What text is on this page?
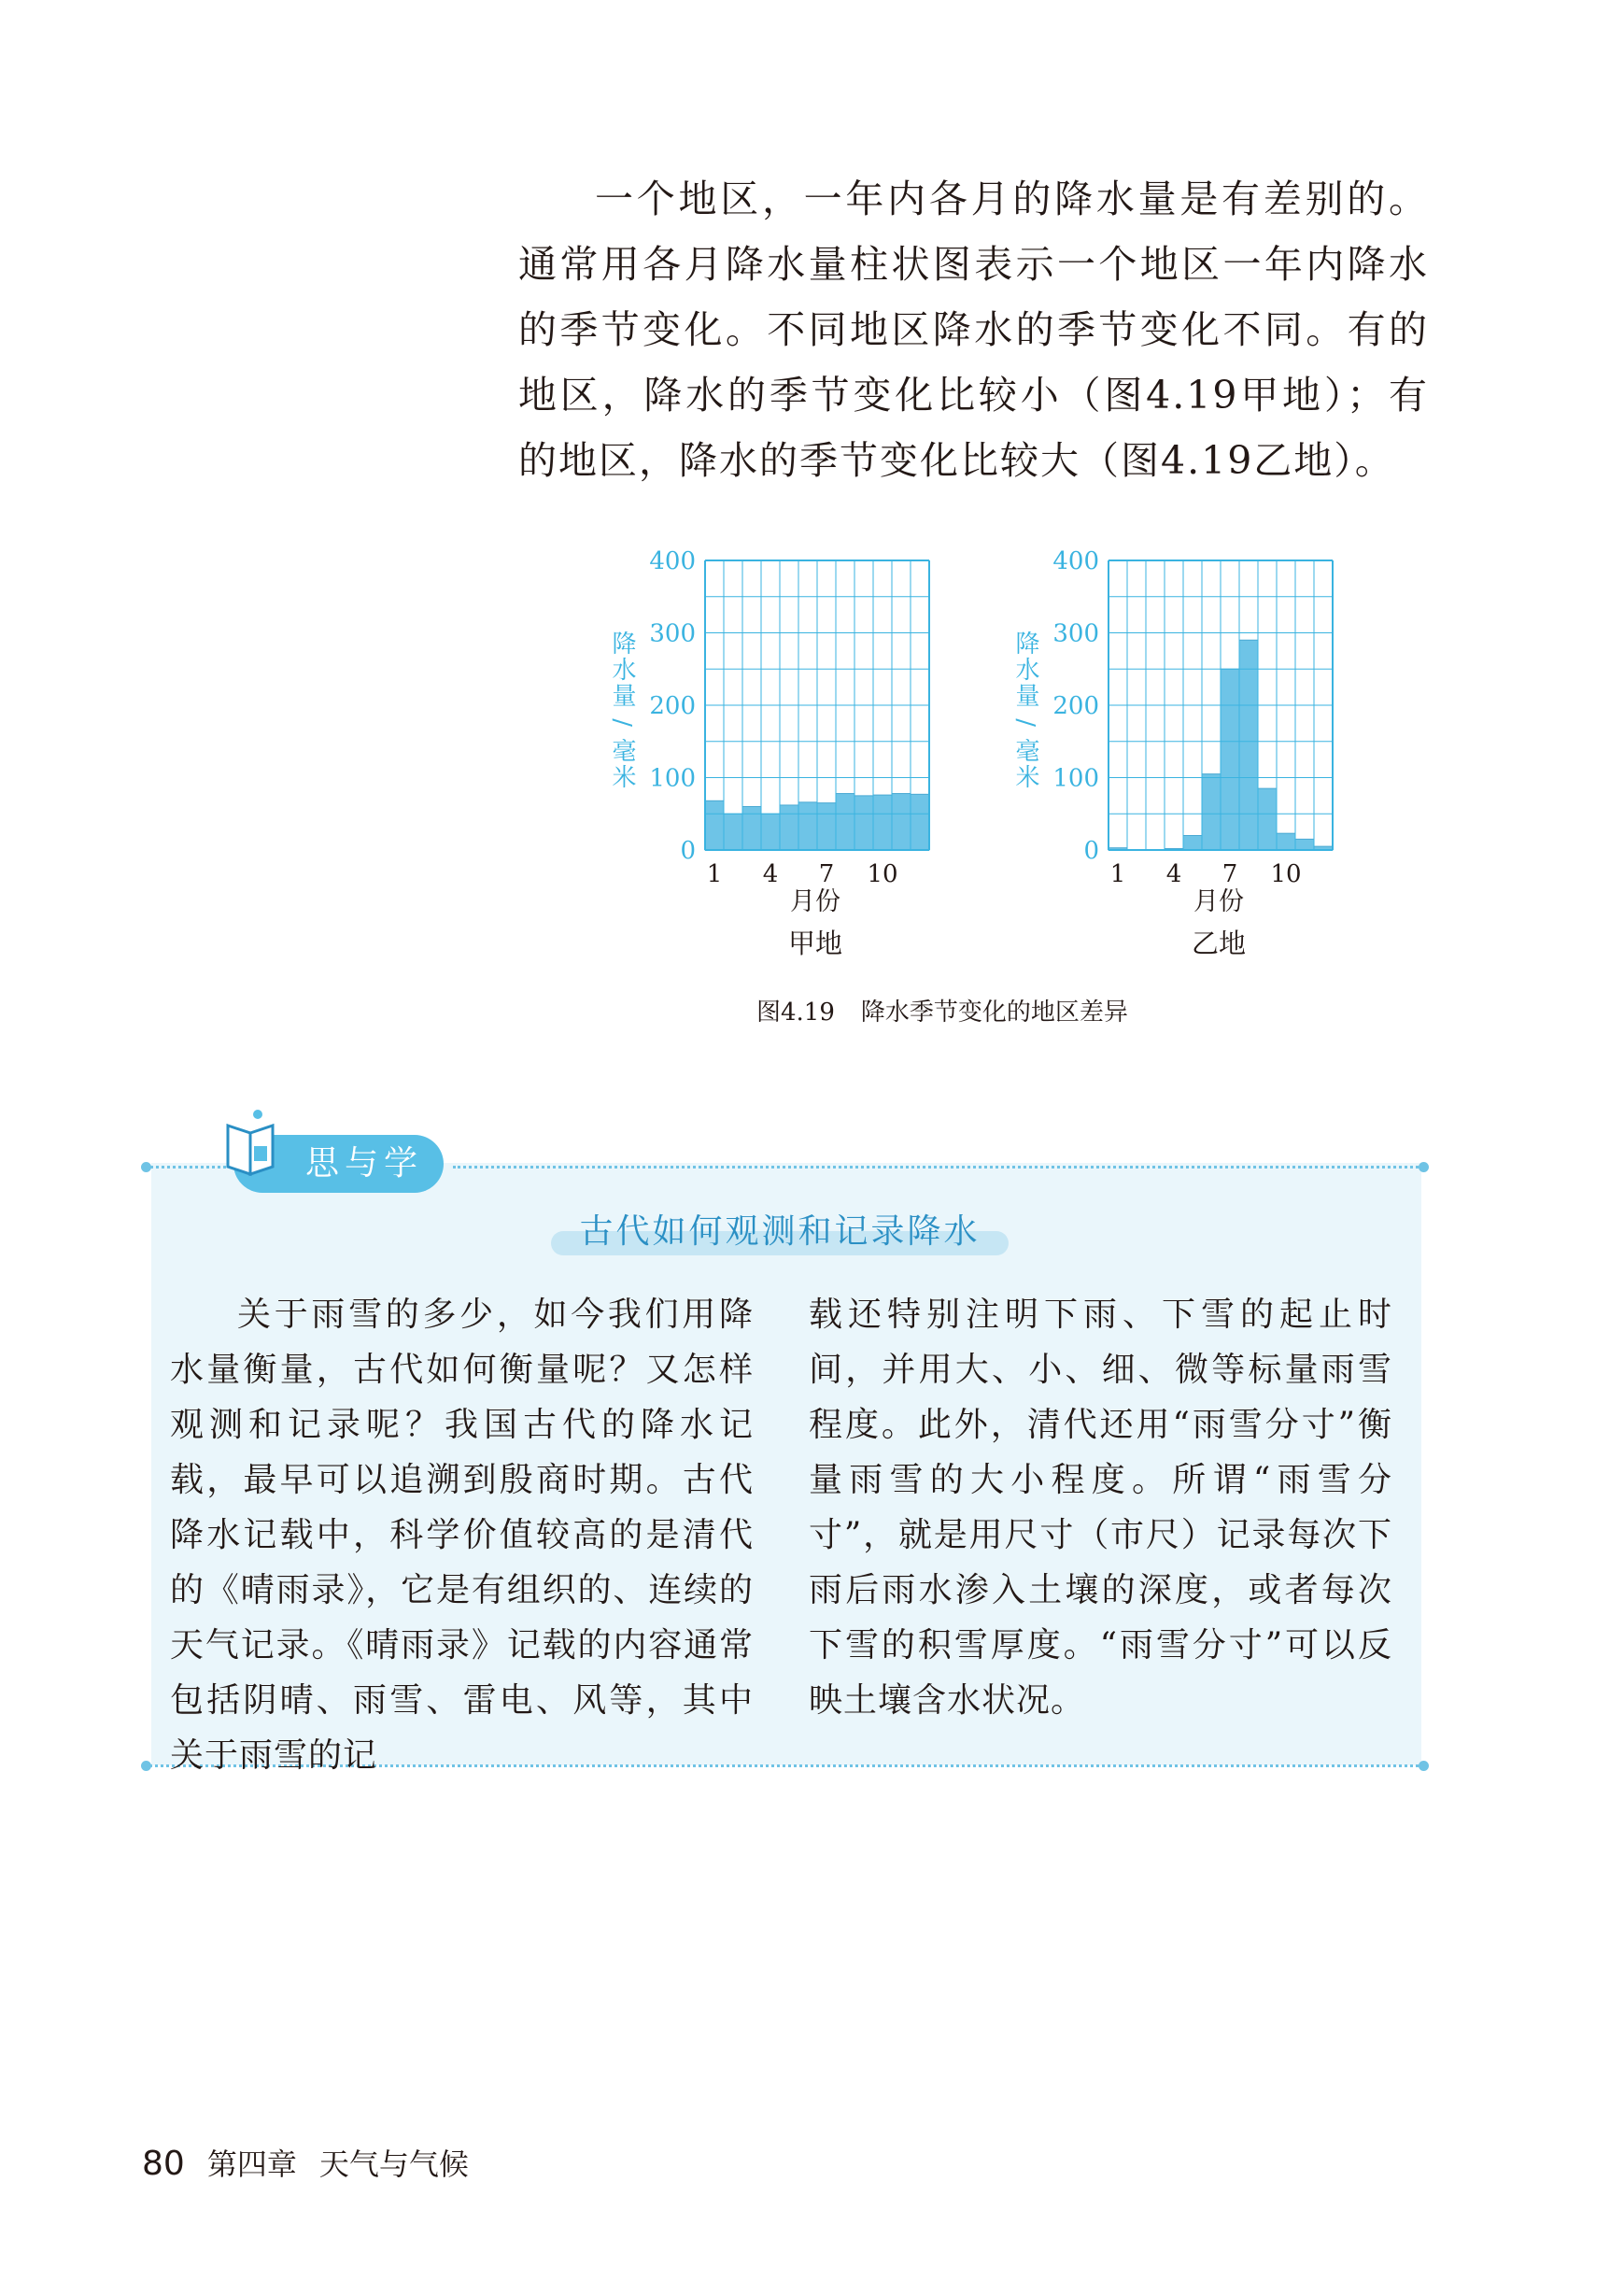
一个地区，一年内各月的降水量是有差别的。通常用各月降水量柱状图表示一个地区一年内降水的季节变化。不同地区降水的季节变化不同。有的地区，降水的季节变化比较小（图4.19甲地）；有的地区，降水的季节变化比较大（图4.19乙地）。

0
100
200
300
400
1 4 7 10
降水量 / 毫米
月份
甲地
0
100
200
300
400
1 4 7 10
降水量 / 毫米
月份
乙地
图4.19 降水季节变化的地区差异
思与学
古代如何观测和记录降水

关于雨雪的多少，如今我们用降水量衡量，古代如何衡量呢？又怎样观测和记录呢？我国古代的降水记载，最早可以追溯到殷商时期。古代降水记载中，科学价值较高的是清代的《晴雨录》，它是有组织的、连续的天气记录。《晴雨录》记载的内容通常包括阴晴、雨雪、雷电、风等，其中关于雨雪的记

载还特别注明下雨、下雪的起止时间，并用大、小、细、微等标量雨雪程度。此外，清代还用“雨雪分寸”衡量雨雪的大小程度。所谓“雨雪分寸”，就是用尺寸（市尺）记录每次下雨后雨水渗入土壤的深度，或者每次下雪的积雪厚度。“雨雪分寸”可以反映土壤含水状况。

80 第四章 天气与气候
